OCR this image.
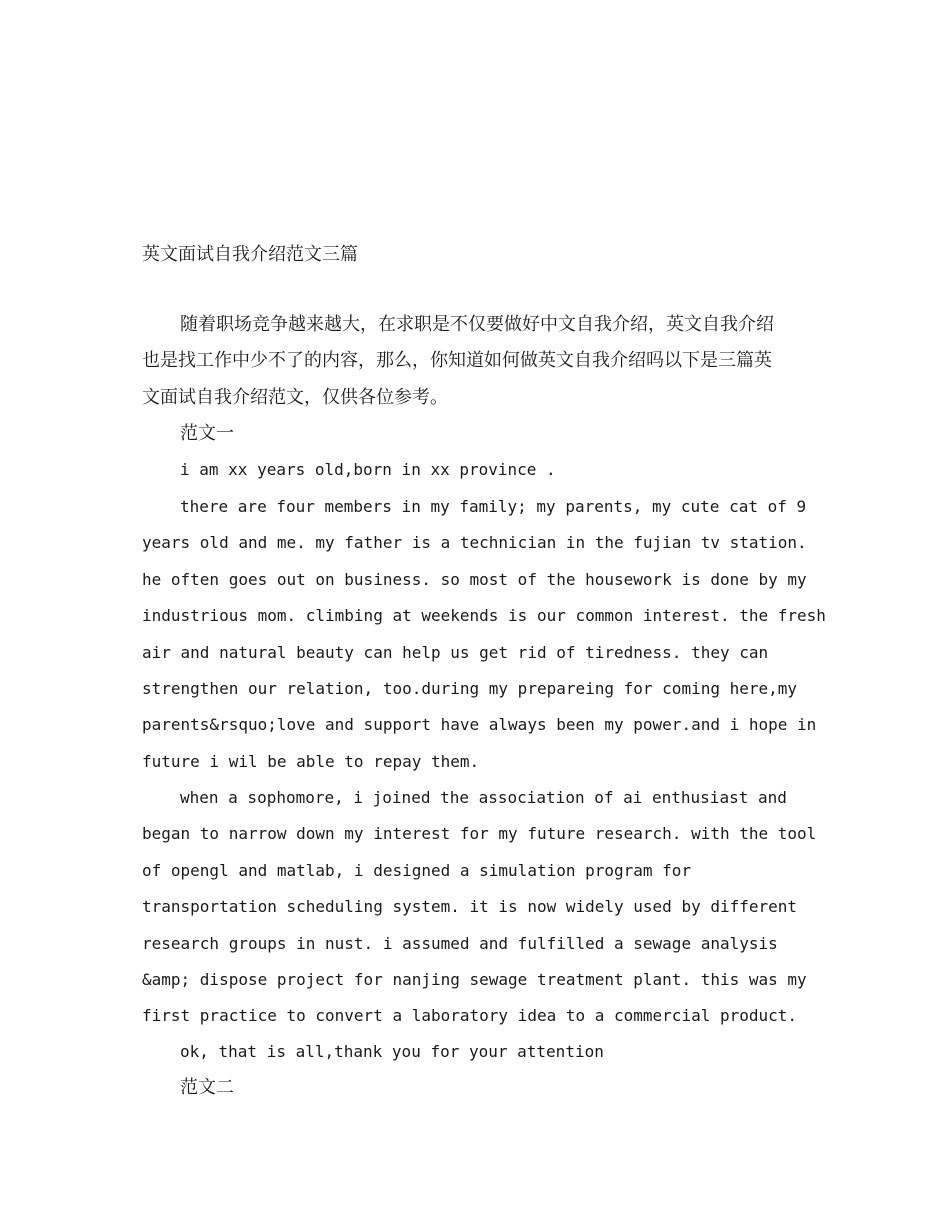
英文面试自我介绍范文三篇
随着职场竞争越来越大，在求职是不仅要做好中文自我介绍，英文自我介绍
也是找工作中少不了的内容，那么，你知道如何做英文自我介绍吗以下是三篇英
文面试自我介绍范文，仅供各位参考。
范文一
i am xx years old,born in xx province .
there are four members in my family; my parents, my cute cat of 9
years old and me. my father is a technician in the fujian tv station.
he often goes out on business. so most of the housework is done by my
industrious mom. climbing at weekends is our common interest. the fresh
air and natural beauty can help us get rid of tiredness. they can
strengthen our relation, too.during my prepareing for coming here,my
parents&rsquo;love and support have always been my power.and i hope in
future i wil be able to repay them.
when a sophomore, i joined the association of ai enthusiast and
began to narrow down my interest for my future research. with the tool
of opengl and matlab, i designed a simulation program for
transportation scheduling system. it is now widely used by different
research groups in nust. i assumed and fulfilled a sewage analysis
&amp; dispose project for nanjing sewage treatment plant. this was my
first practice to convert a laboratory idea to a commercial product.
ok, that is all,thank you for your attention
范文二
